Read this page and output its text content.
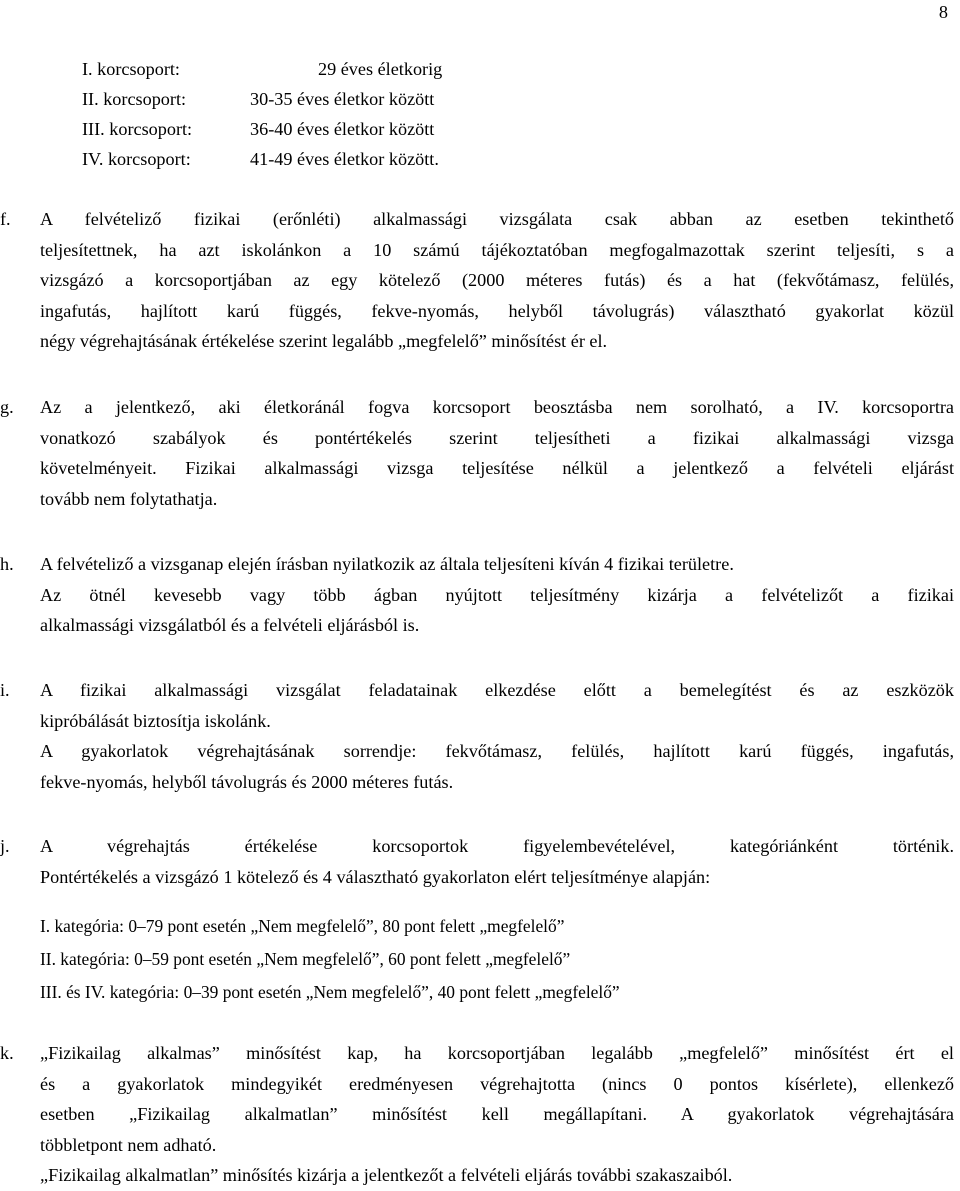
8
I. korcsoport:	29 éves életkorig
II. korcsoport:	30-35 éves életkor között
III. korcsoport:	36-40 éves életkor között
IV. korcsoport:	41-49 éves életkor között.
f. A felvételiző fizikai (erőnléti) alkalmassági vizsgálata csak abban az esetben tekinthető
teljesítettnek, ha azt iskolánkon a 10 számú tájékoztatóban megfogalmazottak szerint teljesíti, s a
vizsgázó a korcsoportjában az egy kötelező (2000 méteres futás) és a hat (fekvőtámasz, felülés,
ingafutás, hajlított karú függés, fekve-nyomás, helyből távolugrás) választható gyakorlat közül
négy végrehajtásának értékelése szerint legalább „megfelelő” minősítést ér el.
g. Az a jelentkező, aki életkoránál fogva korcsoport beosztásba nem sorolható, a IV. korcsoportra
vonatkozó szabályok és pontértékelés szerint teljesítheti a fizikai alkalmassági vizsga
követelményeit. Fizikai alkalmassági vizsga teljesítése nélkül a jelentkező a felvételi eljárást
tovább nem folytathatja.
h. A felvételiző a vizsganap elején írásban nyilatkozik az általa teljesíteni kíván 4 fizikai területre.
Az ötnél kevesebb vagy több ágban nyújtott teljesítmény kizárja a felvételizőt a fizikai
alkalmassági vizsgálatból és a felvételi eljárásból is.
i. A fizikai alkalmassági vizsgálat feladatainak elkezdése előtt a bemelegítést és az eszközök
kipróbálását biztosítja iskolánk.
A gyakorlatok végrehajtásának sorrendje: fekvőtámasz, felülés, hajlított karú függés, ingafutás,
fekve-nyomás, helyből távolugrás és 2000 méteres futás.
j. A végrehajtás értékelése korcsoportok figyelembevételével, kategóriánként történik.
Pontértékelés a vizsgázó 1 kötelező és 4 választható gyakorlaton elért teljesítménye alapján:
I. kategória: 0–79 pont esetén „Nem megfelelő”, 80 pont felett „megfelelő”
II. kategória: 0–59 pont esetén „Nem megfelelő”, 60 pont felett „megfelelő”
III. és IV. kategória: 0–39 pont esetén „Nem megfelelő”, 40 pont felett „megfelelő”
k. „Fizikailag alkalmas” minősítést kap, ha korcsoportjában legalább „megfelelő” minősítést ért el
és a gyakorlatok mindegyikét eredményesen végrehajtotta (nincs 0 pontos kísérlete), ellenkező
esetben „Fizikailag alkalmatlan” minősítést kell megállapítani. A gyakorlatok végrehajtására
többletpont nem adható.
„Fizikailag alkalmatlan” minősítés kizárja a jelentkezőt a felvételi eljárás további szakaszaiból.
